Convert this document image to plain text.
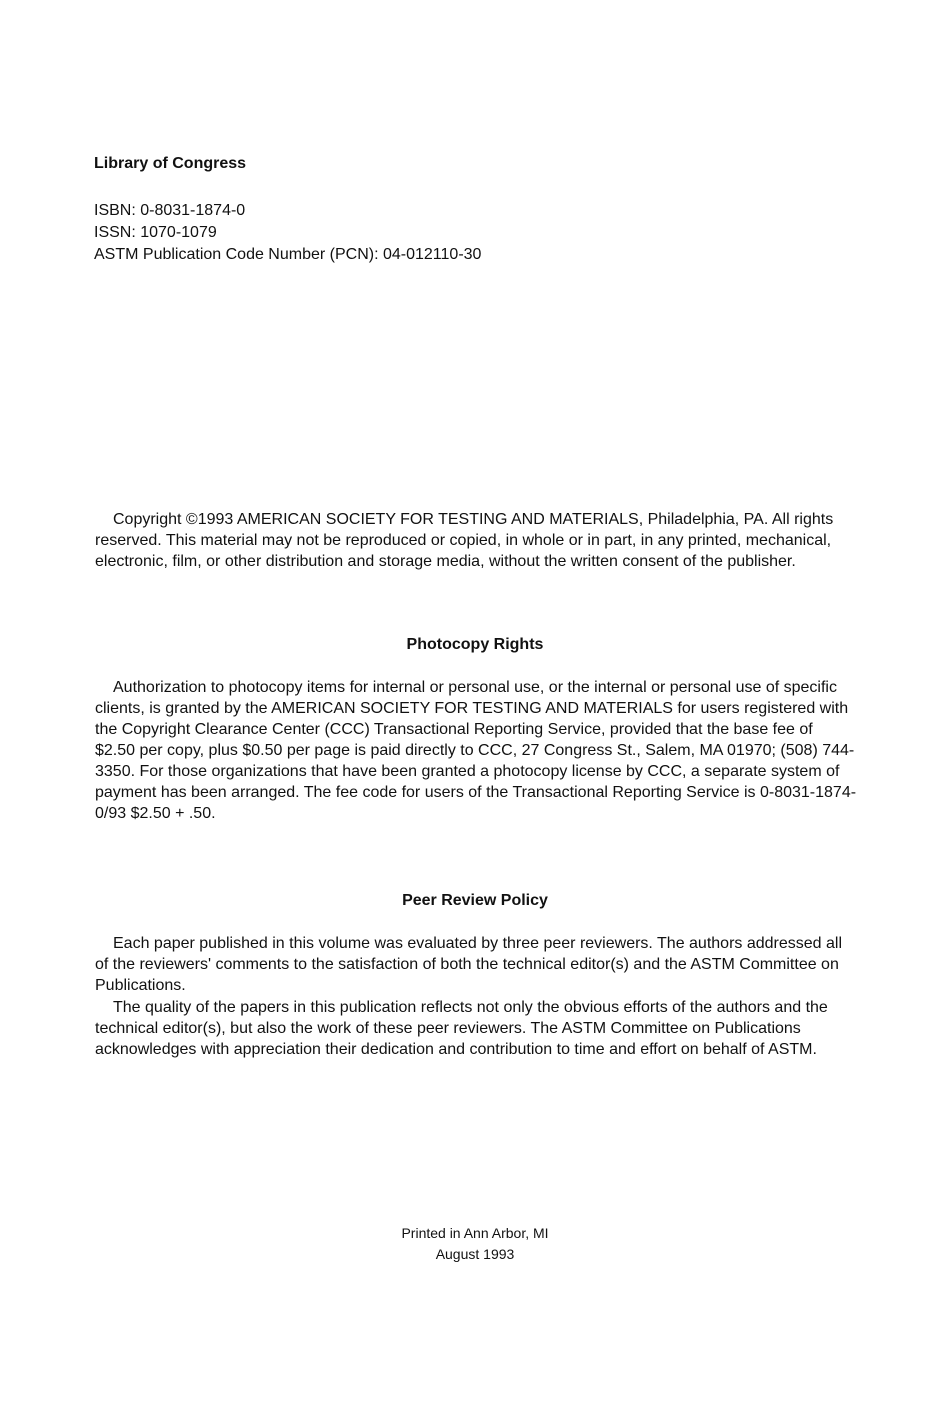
Library of Congress
ISBN: 0-8031-1874-0
ISSN: 1070-1079
ASTM Publication Code Number (PCN): 04-012110-30

Copyright ©1993 AMERICAN SOCIETY FOR TESTING AND MATERIALS, Philadelphia, PA. All rights reserved. This material may not be reproduced or copied, in whole or in part, in any printed, mechanical, electronic, film, or other distribution and storage media, without the written consent of the publisher.

Photocopy Rights

Authorization to photocopy items for internal or personal use, or the internal or personal use of specific clients, is granted by the AMERICAN SOCIETY FOR TESTING AND MATERIALS for users registered with the Copyright Clearance Center (CCC) Transactional Reporting Service, provided that the base fee of $2.50 per copy, plus $0.50 per page is paid directly to CCC, 27 Congress St., Salem, MA 01970; (508) 744-3350. For those organizations that have been granted a photocopy license by CCC, a separate system of payment has been arranged. The fee code for users of the Transactional Reporting Service is 0-8031-1874-0/93 $2.50 + .50.

Peer Review Policy

Each paper published in this volume was evaluated by three peer reviewers. The authors addressed all of the reviewers' comments to the satisfaction of both the technical editor(s) and the ASTM Committee on Publications.

The quality of the papers in this publication reflects not only the obvious efforts of the authors and the technical editor(s), but also the work of these peer reviewers. The ASTM Committee on Publications acknowledges with appreciation their dedication and contribution to time and effort on behalf of ASTM.

Printed in Ann Arbor, MI
August 1993
